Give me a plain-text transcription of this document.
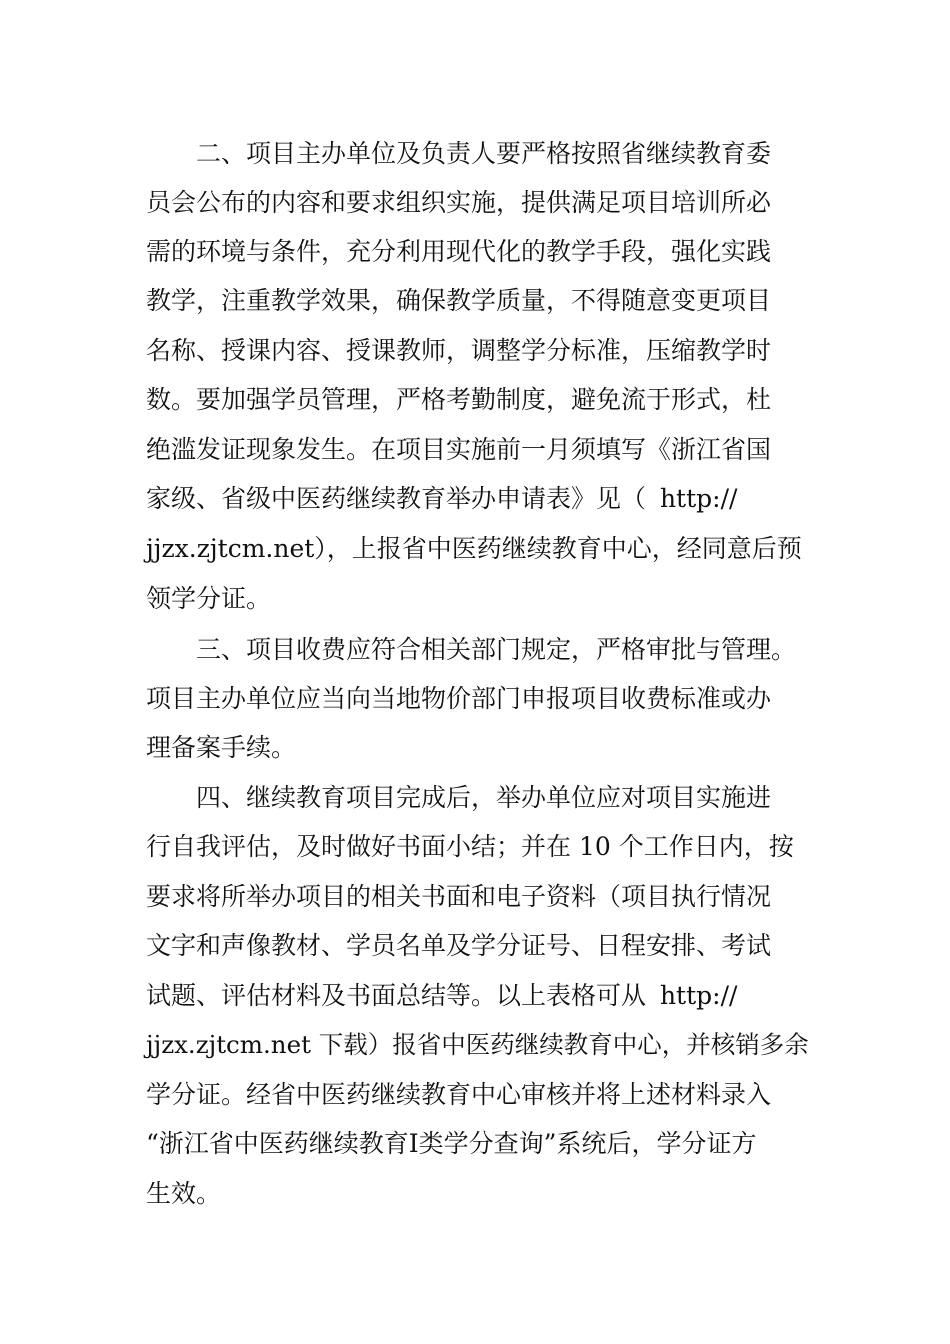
二、项目主办单位及负责人要严格按照省继续教育委
员会公布的内容和要求组织实施，提供满足项目培训所必
需的环境与条件，充分利用现代化的教学手段，强化实践
教学，注重教学效果，确保教学质量，不得随意变更项目
名称、授课内容、授课教师，调整学分标准，压缩教学时
数。要加强学员管理，严格考勤制度，避免流于形式，杜
绝滥发证现象发生。在项目实施前一月须填写《浙江省国
家级、省级中医药继续教育举办申请表》见（ http://
jjzx.zjtcm.net），上报省中医药继续教育中心，经同意后预
领学分证。
三、项目收费应符合相关部门规定，严格审批与管理。
项目主办单位应当向当地物价部门申报项目收费标准或办
理备案手续。
四、继续教育项目完成后，举办单位应对项目实施进
行自我评估，及时做好书面小结；并在 10 个工作日内，按
要求将所举办项目的相关书面和电子资料（项目执行情况
文字和声像教材、学员名单及学分证号、日程安排、考试
试题、评估材料及书面总结等。以上表格可从 http://
jjzx.zjtcm.net 下载）报省中医药继续教育中心，并核销多余
学分证。经省中医药继续教育中心审核并将上述材料录入
“浙江省中医药继续教育Ⅰ类学分查询”系统后，学分证方
生效。
